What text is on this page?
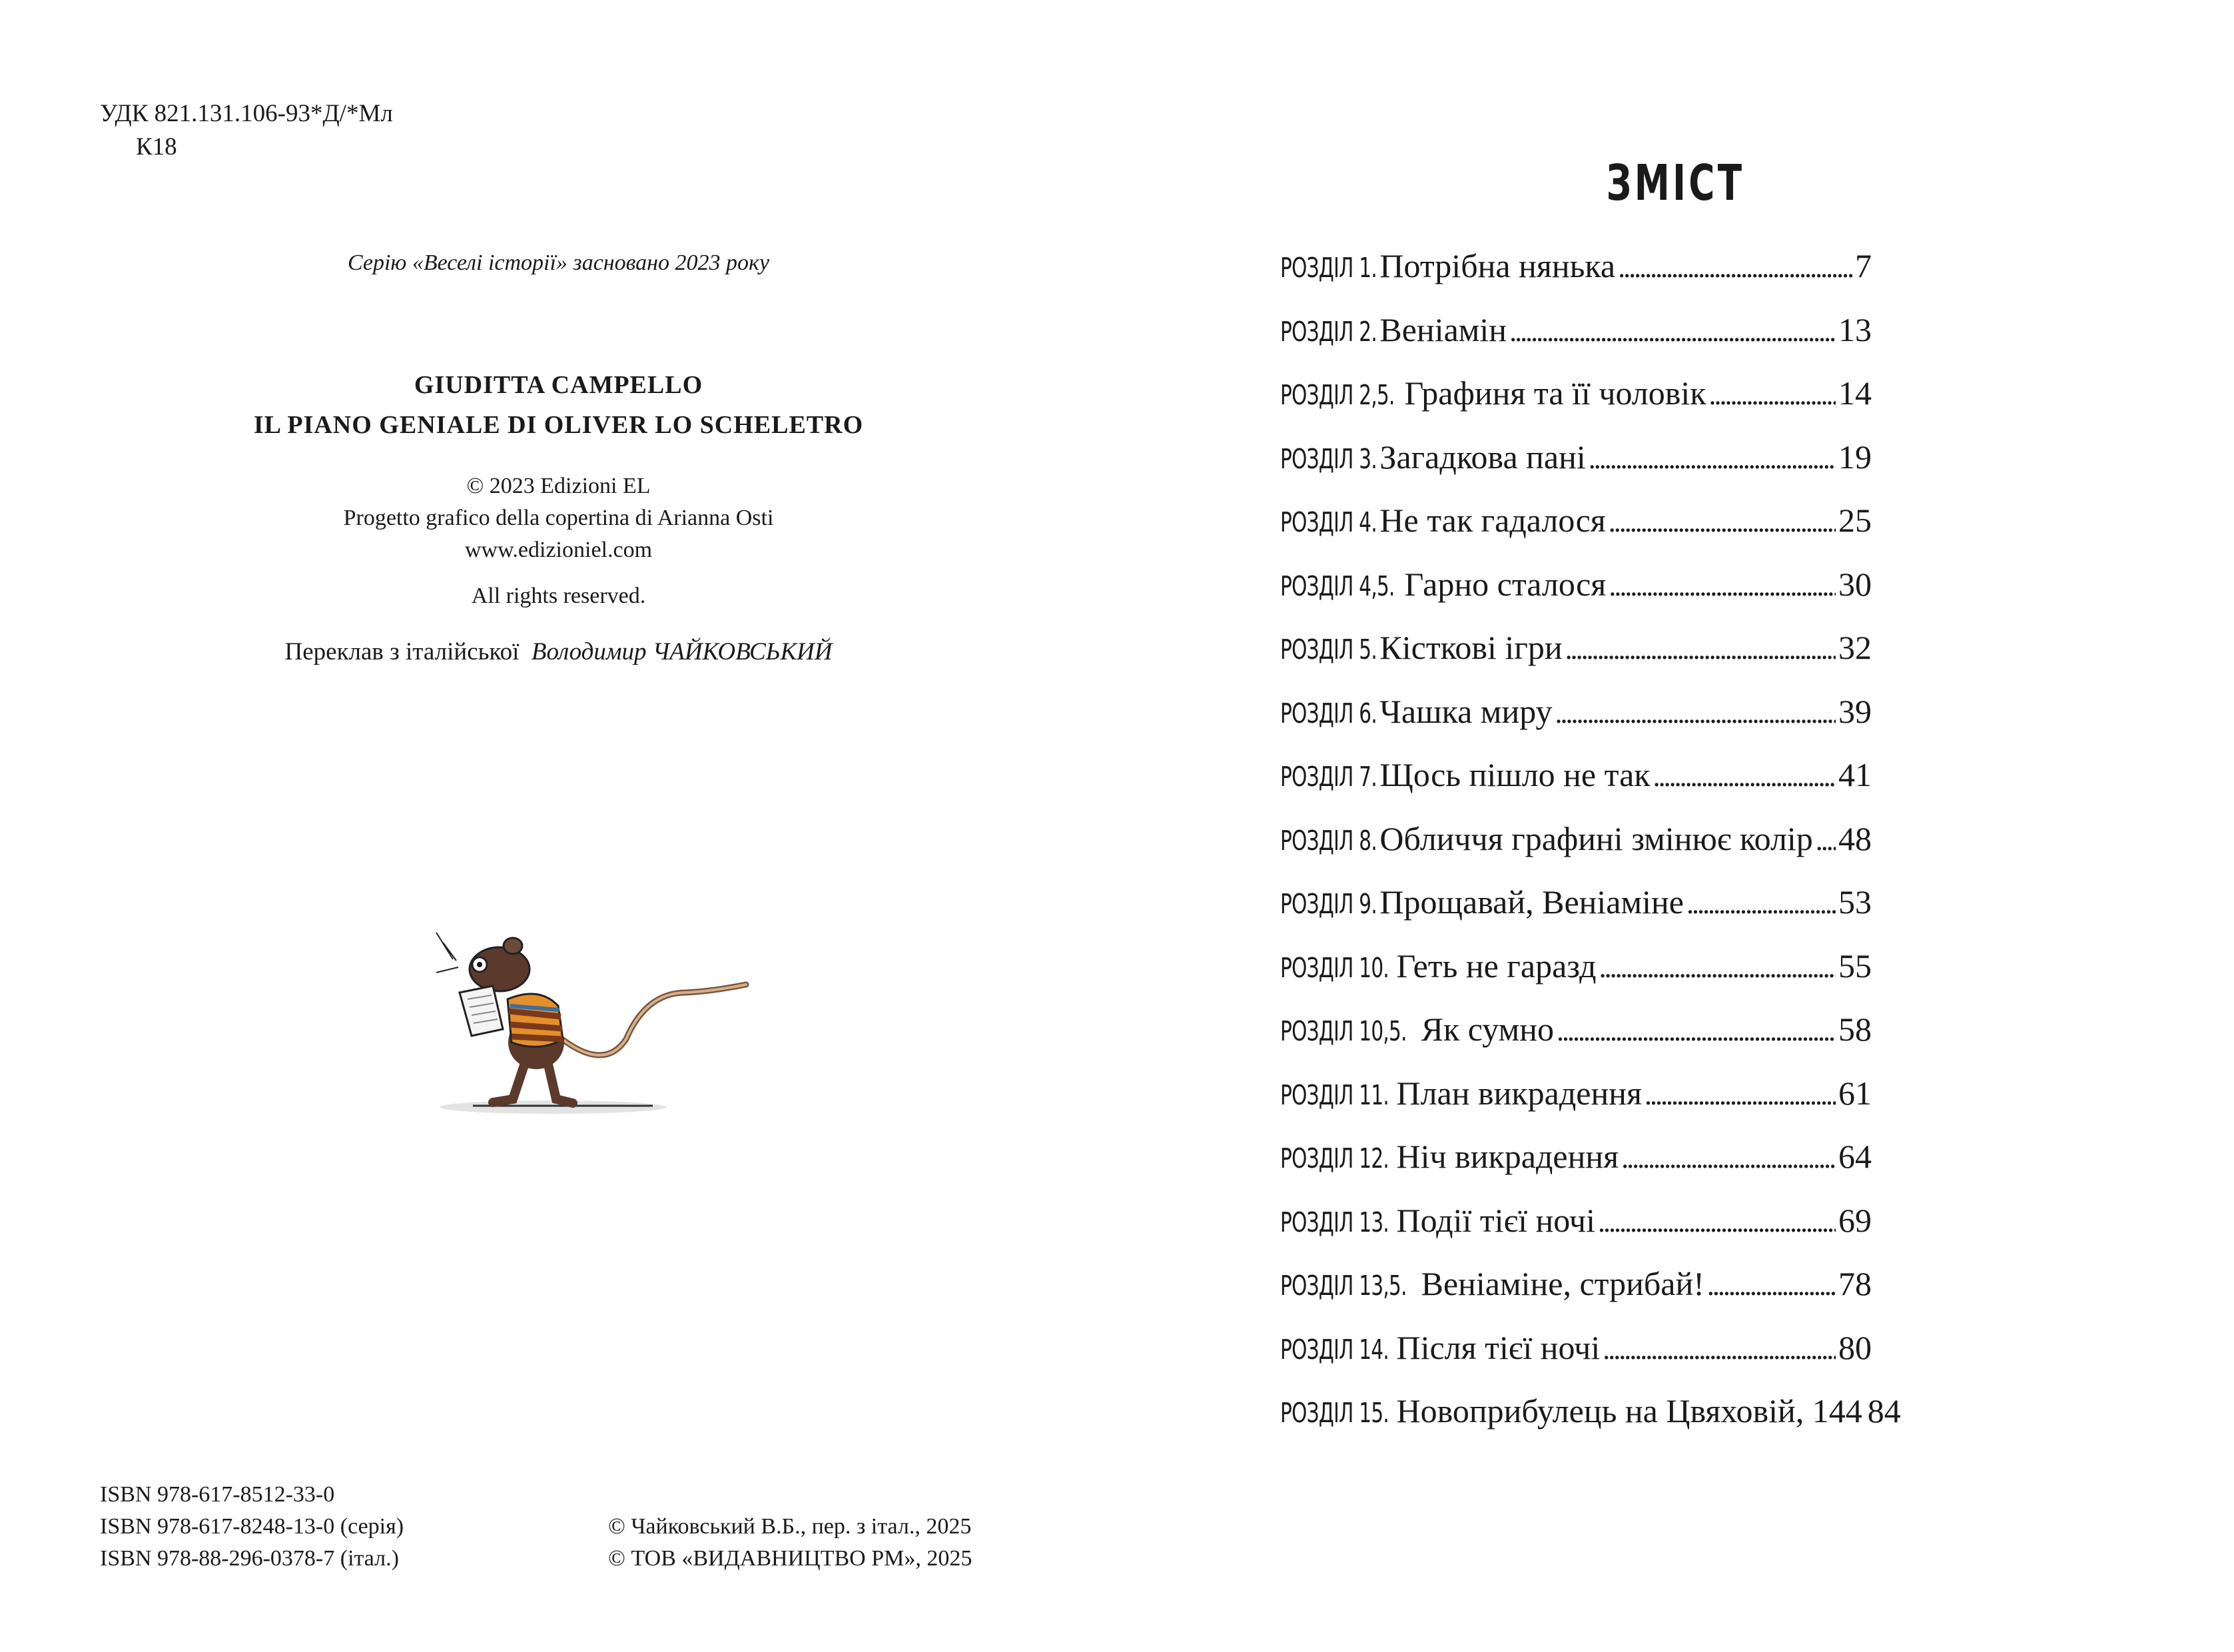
УДК 821.131.106-93*Д/*Мл
К18
Серію «Веселі історії» засновано 2023 року
GIUDITTA CAMPELLO
IL PIANO GENIALE DI OLIVER LO SCHELETRO
© 2023 Edizioni EL
Progetto grafico della copertina di Arianna Osti
www.edizioniel.com
All rights reserved.
Переклав з італійської Володимир ЧАЙКОВСЬКИЙ
ISBN 978-617-8512-33-0
ISBN 978-617-8248-13-0 (серія)
ISBN 978-88-296-0378-7 (італ.)
© Чайковський В.Б., пер. з італ., 2025
© ТОВ «ВИДАВНИЦТВО РМ», 2025
ЗМІСТ
РОЗДІЛ 1. Потрібна нянька . . .	7
РОЗДІЛ 2. Веніамін . . .	13
РОЗДІЛ 2,5. Графиня та її чоловік . . .	14
РОЗДІЛ 3. Загадкова пані . . .	19
РОЗДІЛ 4. Не так гадалося . . .	25
РОЗДІЛ 4,5. Гарно сталося . . .	30
РОЗДІЛ 5. Кісткові ігри . . .	32
РОЗДІЛ 6. Чашка миру . . .	39
РОЗДІЛ 7. Щось пішло не так . . .	41
РОЗДІЛ 8. Обличчя графині змінює колір . . . 48
РОЗДІЛ 9. Прощавай, Веніаміне . . .	53
РОЗДІЛ 10. Геть не гаразд . . .	55
РОЗДІЛ 10,5. Як сумно . . .	58
РОЗДІЛ 11. План викрадення . . .	61
РОЗДІЛ 12. Ніч викрадення . . .	64
РОЗДІЛ 13. Події тієї ночі . . .	69
РОЗДІЛ 13,5. Веніаміне, стрибай! . . .	78
РОЗДІЛ 14. Після тієї ночі . . .	80
РОЗДІЛ 15. Новоприбулець на Цвяховій, 144 84
